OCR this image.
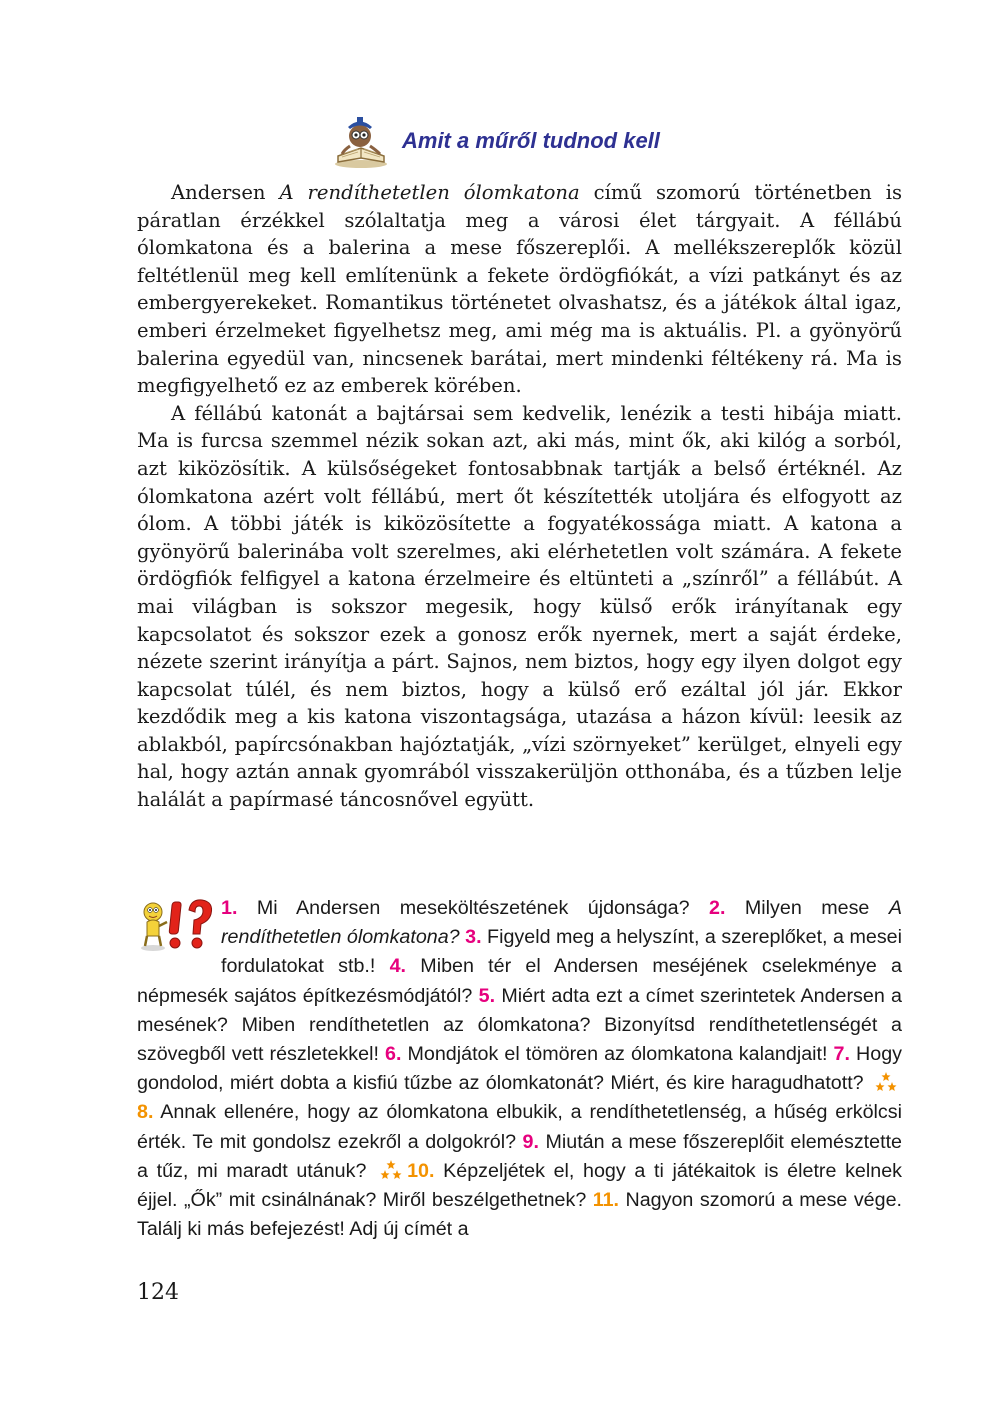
Amit a műről tudnod kell

Andersen A rendíthetetlen ólomkatona című szomorú történetben is páratlan érzékkel szólaltatja meg a városi élet tárgyait. A féllábú ólomkatona és a balerina a mese főszereplői. A mellékszereplők közül feltétlenül meg kell említenünk a fekete ördögfiókát, a vízi patkányt és az embergyerekeket. Romantikus történetet olvashatsz, és a játékok által igaz, emberi érzelmeket figyelhetsz meg, ami még ma is aktuális. Pl. a gyönyörű balerina egyedül van, nincsenek barátai, mert mindenki féltékeny rá. Ma is megfigyelhető ez az emberek körében.

A féllábú katonát a bajtársai sem kedvelik, lenézik a testi hibája miatt. Ma is furcsa szemmel nézik sokan azt, aki más, mint ők, aki kilóg a sorból, azt kiközösítik. A külsőségeket fontosabbnak tartják a belső értéknél. Az ólomkatona azért volt féllábú, mert őt készítették utoljára és elfogyott az ólom. A többi játék is kiközösítette a fogyatékossága miatt. A katona a gyönyörű balerinába volt szerelmes, aki elérhetetlen volt számára. A fekete ördögfiók felfigyel a katona érzelmeire és eltünteti a „színről” a féllábút. A mai világban is sokszor megesik, hogy külső erők irányítanak egy kapcsolatot és sokszor ezek a gonosz erők nyernek, mert a saját érdeke, nézete szerint irányítja a párt. Sajnos, nem biztos, hogy egy ilyen dolgot egy kapcsolat túlél, és nem biztos, hogy a külső erő ezáltal jól jár. Ekkor kezdődik meg a kis katona viszontagsága, utazása a házon kívül: leesik az ablakból, papírcsónakban hajóztatják, „vízi szörnyeket” kerülget, elnyeli egy hal, hogy aztán annak gyomrából visszakerüljön otthonába, és a tűzben lelje halálát a papírmasé táncosnővel együtt.

1. Mi Andersen meseköltészetének újdonsága? 2. Milyen mese A rendíthetetlen ólomkatona? 3. Figyeld meg a helyszínt, a szereplőket, a mesei fordulatokat stb.! 4. Miben tér el Andersen meséjének cselekménye a népmesék sajátos építkezésmódjától? 5. Miért adta ezt a címet szerintetek Andersen a mesének? Miben rendíthetetlen az ólomkatona? Bizonyítsd rendíthetetlenségét a szövegből vett részletekkel! 6. Mondjátok el tömören az ólomkatona kalandjait! 7. Hogy gondolod, miért dobta a kisfiú tűzbe az ólomkatonát? Miért, és kire haragudhatott? 8. Annak ellenére, hogy az ólomkatona elbukik, a rendíthetetlenség, a hűség erkölcsi érték. Te mit gondolsz ezekről a dolgokról? 9. Miután a mese főszereplőit elemésztette a tűz, mi maradt utánuk? 10. Képzeljétek el, hogy a ti játékaitok is életre kelnek éjjel. „Ők” mit csinálnának? Miről beszélgethetnek? 11. Nagyon szomorú a mese vége. Találj ki más befejezést! Adj új címét a
124
